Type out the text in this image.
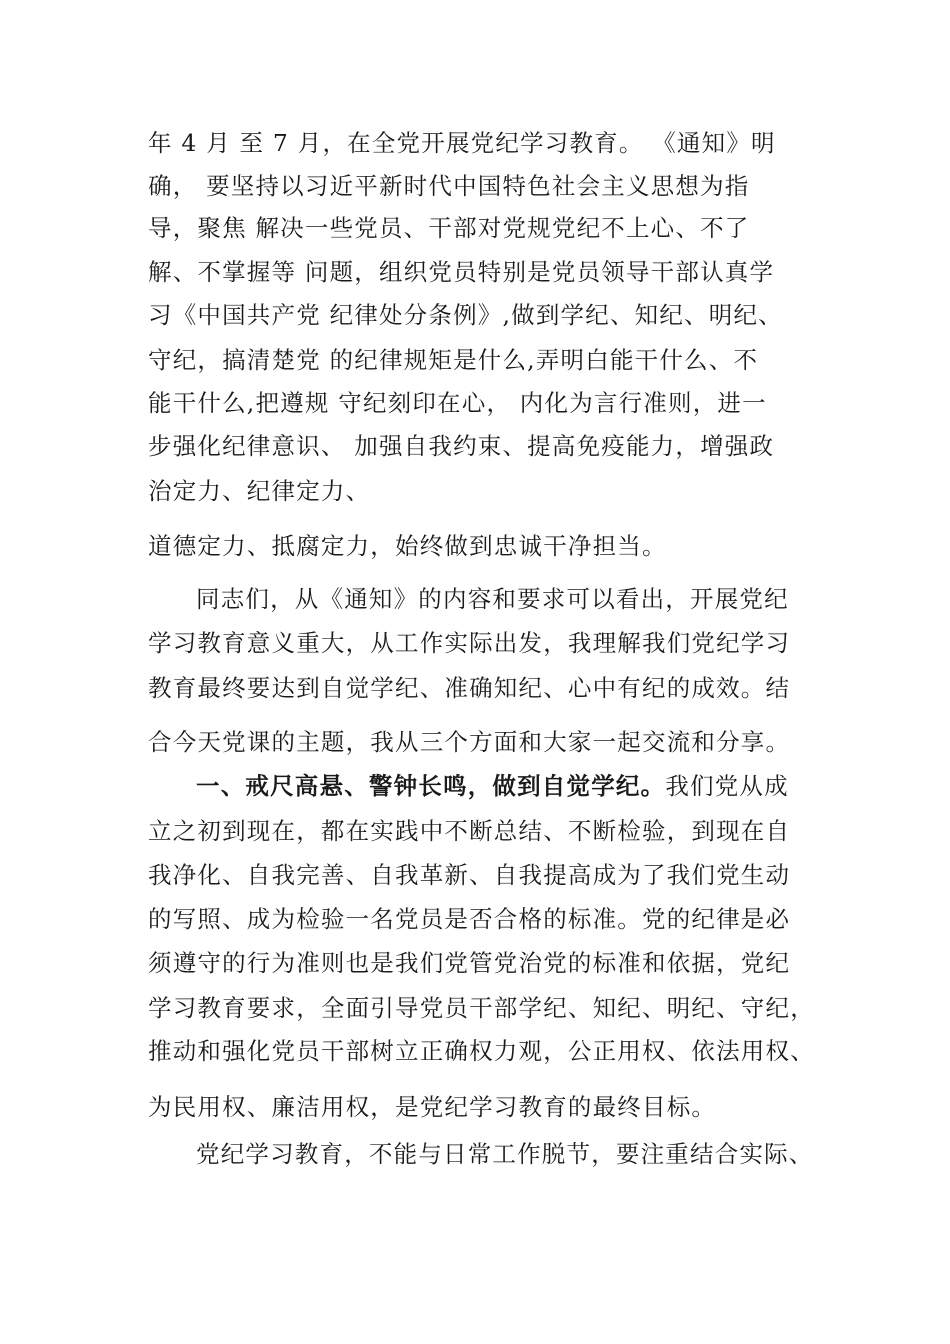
年 4 月 至 7 月，在全党开展党纪学习教育。 《通知》明
确， 要坚持以习近平新时代中国特色社会主义思想为指
导，聚焦 解决一些党员、干部对党规党纪不上心、不了
解、不掌握等 问题，组织党员特别是党员领导干部认真学
习《中国共产党 纪律处分条例》,做到学纪、知纪、明纪、
守纪，搞清楚党 的纪律规矩是什么,弄明白能干什么、不
能干什么,把遵规 守纪刻印在心， 内化为言行准则，进一
步强化纪律意识、 加强自我约束、提高免疫能力，增强政
治定力、纪律定力、
道德定力、抵腐定力，始终做到忠诚干净担当。
同志们，从《通知》的内容和要求可以看出，开展党纪
学习教育意义重大，从工作实际出发，我理解我们党纪学习
教育最终要达到自觉学纪、准确知纪、心中有纪的成效。结
合今天党课的主题，我从三个方面和大家一起交流和分享。
一、戒尺高悬、警钟长鸣，做到自觉学纪。我们党从成
立之初到现在，都在实践中不断总结、不断检验，到现在自
我净化、自我完善、自我革新、自我提高成为了我们党生动
的写照、成为检验一名党员是否合格的标准。党的纪律是必
须遵守的行为准则也是我们党管党治党的标准和依据，党纪
学习教育要求，全面引导党员干部学纪、知纪、明纪、守纪，
推动和强化党员干部树立正确权力观，公正用权、依法用权、
为民用权、廉洁用权，是党纪学习教育的最终目标。
党纪学习教育，不能与日常工作脱节，要注重结合实际、
